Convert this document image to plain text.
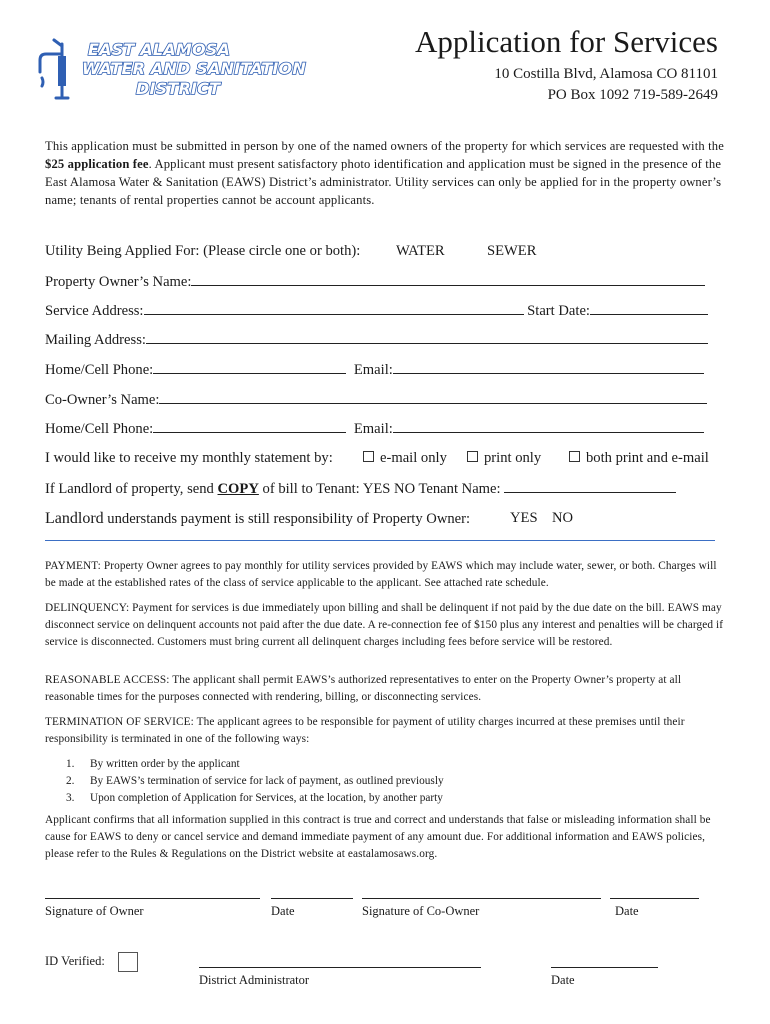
EAST ALAMOSA
WATER AND SANITATION
DISTRICT
Application for Services
10 Costilla Blvd, Alamosa CO 81101
PO Box 1092 719-589-2649
This application must be submitted in person by one of the named owners of the property for which services are requested with the $25 application fee. Applicant must present satisfactory photo identification and application must be signed in the presence of the East Alamosa Water & Sanitation (EAWS) District’s administrator. Utility services can only be applied for in the property owner’s name; tenants of rental properties cannot be account applicants.
Utility Being Applied For: (Please circle one or both): WATER	SEWER
Property Owner’s Name:
Service Address:	Start Date:
Mailing Address:
Home/Cell Phone:	Email:
Co-Owner’s Name:
Home/Cell Phone:	Email:
I would like to receive my monthly statement by:	e-mail only	print only	both print and e-mail
If Landlord of property, send COPY of bill to Tenant: YES NO Tenant Name:
Landlord understands payment is still responsibility of Property Owner:	YES NO

PAYMENT: Property Owner agrees to pay monthly for utility services provided by EAWS which may include water, sewer, or both. Charges will be made at the established rates of the class of service applicable to the applicant. See attached rate schedule.

DELINQUENCY: Payment for services is due immediately upon billing and shall be delinquent if not paid by the due date on the bill. EAWS may disconnect service on delinquent accounts not paid after the due date. A re-connection fee of $150 plus any interest and penalties will be charged if service is disconnected. Customers must bring current all delinquent charges including fees before service will be restored.

REASONABLE ACCESS: The applicant shall permit EAWS’s authorized representatives to enter on the Property Owner’s property at all reasonable times for the purposes connected with rendering, billing, or disconnecting services.

TERMINATION OF SERVICE: The applicant agrees to be responsible for payment of utility charges incurred at these premises until their responsibility is terminated in one of the following ways:

1. By written order by the applicant
2. By EAWS’s termination of service for lack of payment, as outlined previously
3. Upon completion of Application for Services, at the location, by another party

Applicant confirms that all information supplied in this contract is true and correct and understands that false or misleading information shall be cause for EAWS to deny or cancel service and demand immediate payment of any amount due. For additional information and EAWS policies, please refer to the Rules & Regulations on the District website at eastalamosaws.org.

Signature of Owner	Date	Signature of Co-Owner	Date
ID Verified:
District Administrator	Date
